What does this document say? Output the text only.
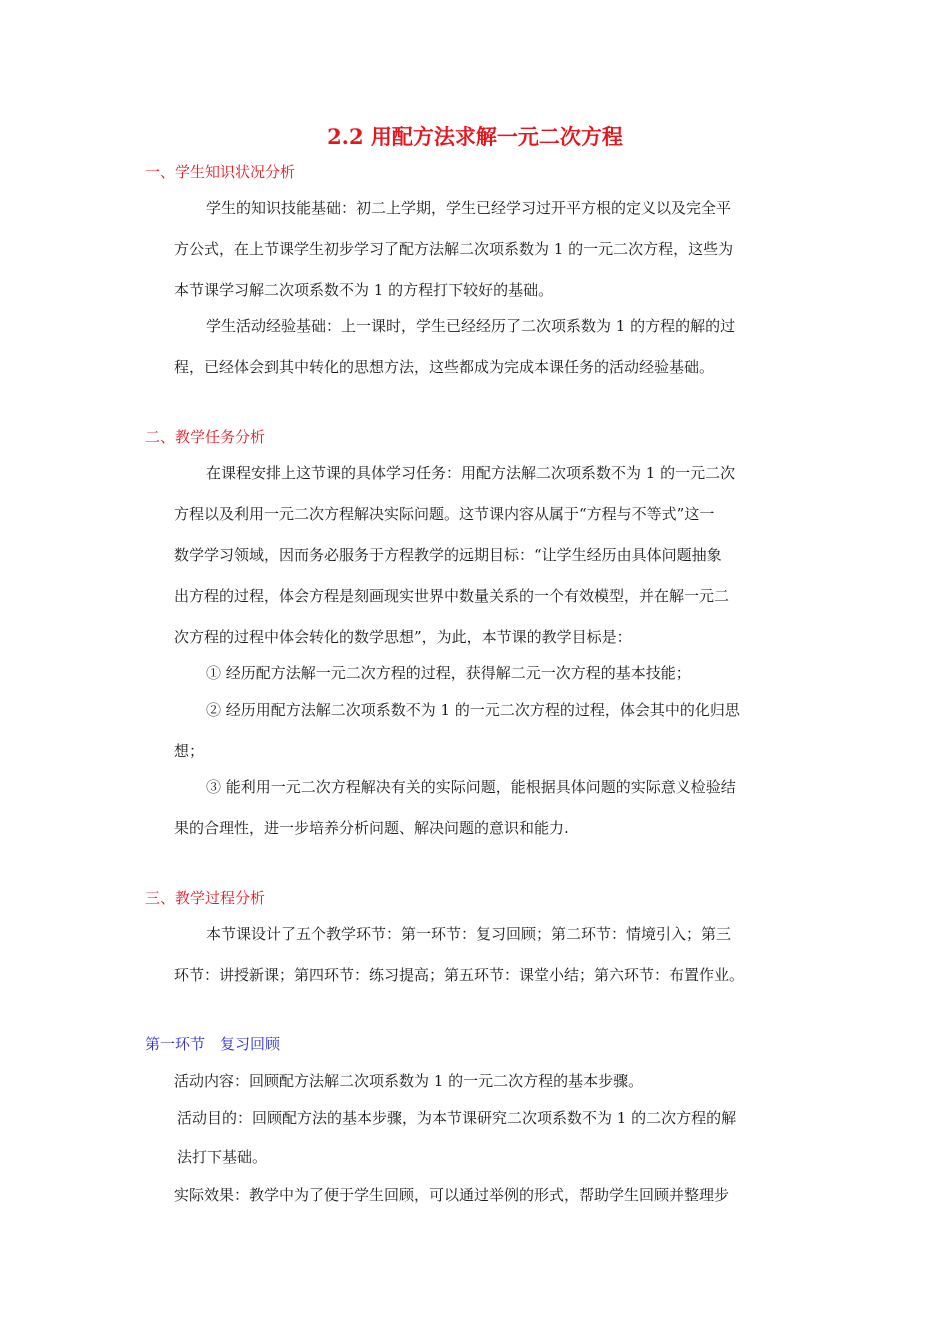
2.2 用配方法求解一元二次方程
一、学生知识状况分析
学生的知识技能基础：初二上学期，学生已经学习过开平方根的定义以及完全平
方公式，在上节课学生初步学习了配方法解二次项系数为 1 的一元二次方程，这些为
本节课学习解二次项系数不为 1 的方程打下较好的基础。
学生活动经验基础：上一课时，学生已经经历了二次项系数为 1 的方程的解的过
程，已经体会到其中转化的思想方法，这些都成为完成本课任务的活动经验基础。
二、教学任务分析
在课程安排上这节课的具体学习任务：用配方法解二次项系数不为 1 的一元二次
方程以及利用一元二次方程解决实际问题。这节课内容从属于“方程与不等式”这一
数学学习领域，因而务必服务于方程教学的远期目标：“让学生经历由具体问题抽象
出方程的过程，体会方程是刻画现实世界中数量关系的一个有效模型，并在解一元二
次方程的过程中体会转化的数学思想”，为此，本节课的教学目标是：
① 经历配方法解一元二次方程的过程，获得解二元一次方程的基本技能；
② 经历用配方法解二次项系数不为 1 的一元二次方程的过程，体会其中的化归思
想；
③ 能利用一元二次方程解决有关的实际问题，能根据具体问题的实际意义检验结
果的合理性，进一步培养分析问题、解决问题的意识和能力.
三、教学过程分析
本节课设计了五个教学环节：第一环节：复习回顾；第二环节：情境引入；第三
环节：讲授新课；第四环节：练习提高；第五环节：课堂小结；第六环节：布置作业。
第一环节　复习回顾
活动内容：回顾配方法解二次项系数为 1 的一元二次方程的基本步骤。
活动目的：回顾配方法的基本步骤，为本节课研究二次项系数不为 1 的二次方程的解
法打下基础。
实际效果：教学中为了便于学生回顾，可以通过举例的形式，帮助学生回顾并整理步
